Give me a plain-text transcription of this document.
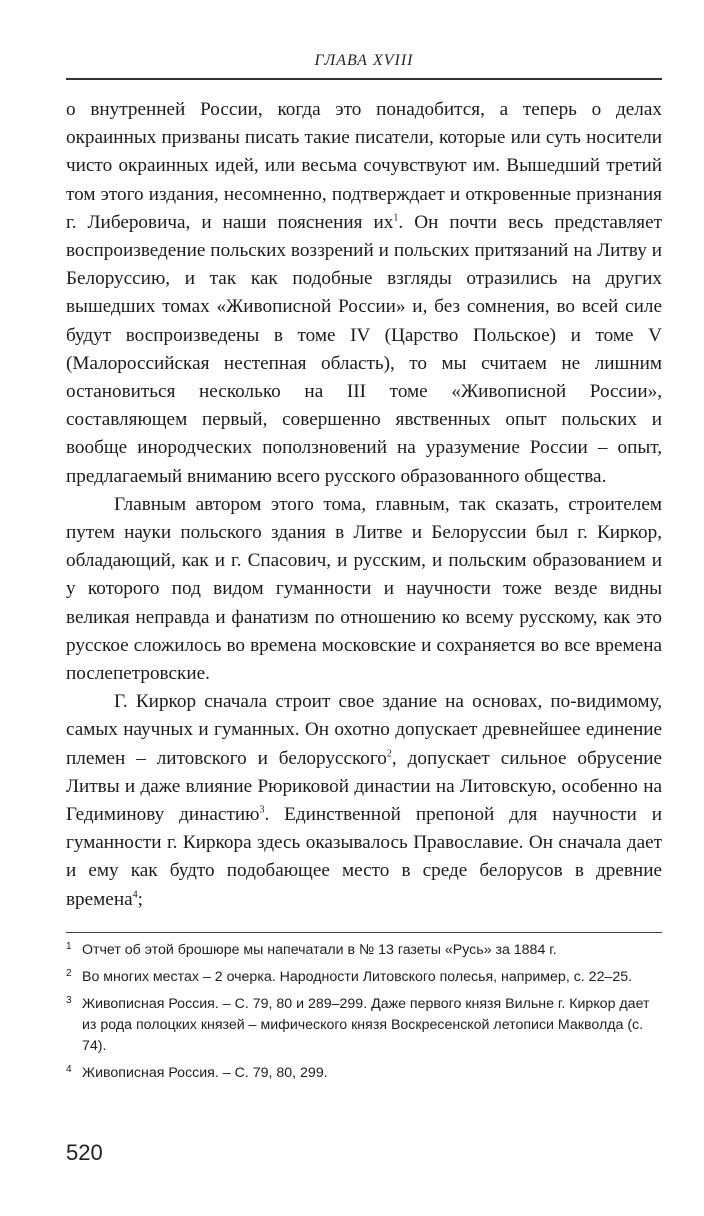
ГЛАВА XVIII

о внутренней России, когда это понадобится, а теперь о делах окраинных призваны писать такие писатели, которые или суть носители чисто окраинных идей, или весьма сочувствуют им. Вышедший третий том этого издания, несомненно, подтверждает и откровенные признания г. Либеровича, и наши пояснения $их^1$. Он почти весь представляет воспроизведение польских воззрений и польских притязаний на Литву и Белоруссию, и так как подобные взгляды отразились на других вышедших томах «Живописной России» и, без сомнения, во всей силе будут воспроизведены в томе IV (Царство Польское) и томе V (Малороссийская нестепная область), то мы считаем не лишним остановиться несколько на III томе «Живописной России», составляющем первый, совершенно явственных опыт польских и вообще инородческих поползновений на уразумение России – опыт, предлагаемый вниманию всего русского образованного общества.

Главным автором этого тома, главным, так сказать, строителем путем науки польского здания в Литве и Белоруссии был г. Киркор, обладающий, как и г. Спасович, и русским, и польским образованием и у которого под видом гуманности и научности тоже везде видны великая неправда и фанатизм по отношению ко всему русскому, как это русское сложилось во времена московские и сохраняется во все времена послепетровские.

Г. Киркор сначала строит свое здание на основах, по-видимому, самых научных и гуманных. Он охотно допускает древнейшее единение племен – литовского и белорусского$^2$, допускает сильное обрусение Литвы и даже влияние Рюриковой династии на Литовскую, особенно на Гедиминову династию$^3$. Единственной препоной для научности и гуманности г. Киркора здесь оказывалось Православие. Он сначала дает и ему как будто подобающее место в среде белорусов в древние времена$^4$;

1 Отчет об этой брошюре мы напечатали в № 13 газеты «Русь» за 1884 г.
2 Во многих местах – 2 очерка. Народности Литовского полесья, например, с. 22–25.
3 Живописная Россия. – С. 79, 80 и 289–299. Даже первого князя Вильне г. Киркор дает из рода полоцких князей – мифического князя Воскресенской летописи Макволда (с. 74).
4 Живописная Россия. – С. 79, 80, 299.
520
